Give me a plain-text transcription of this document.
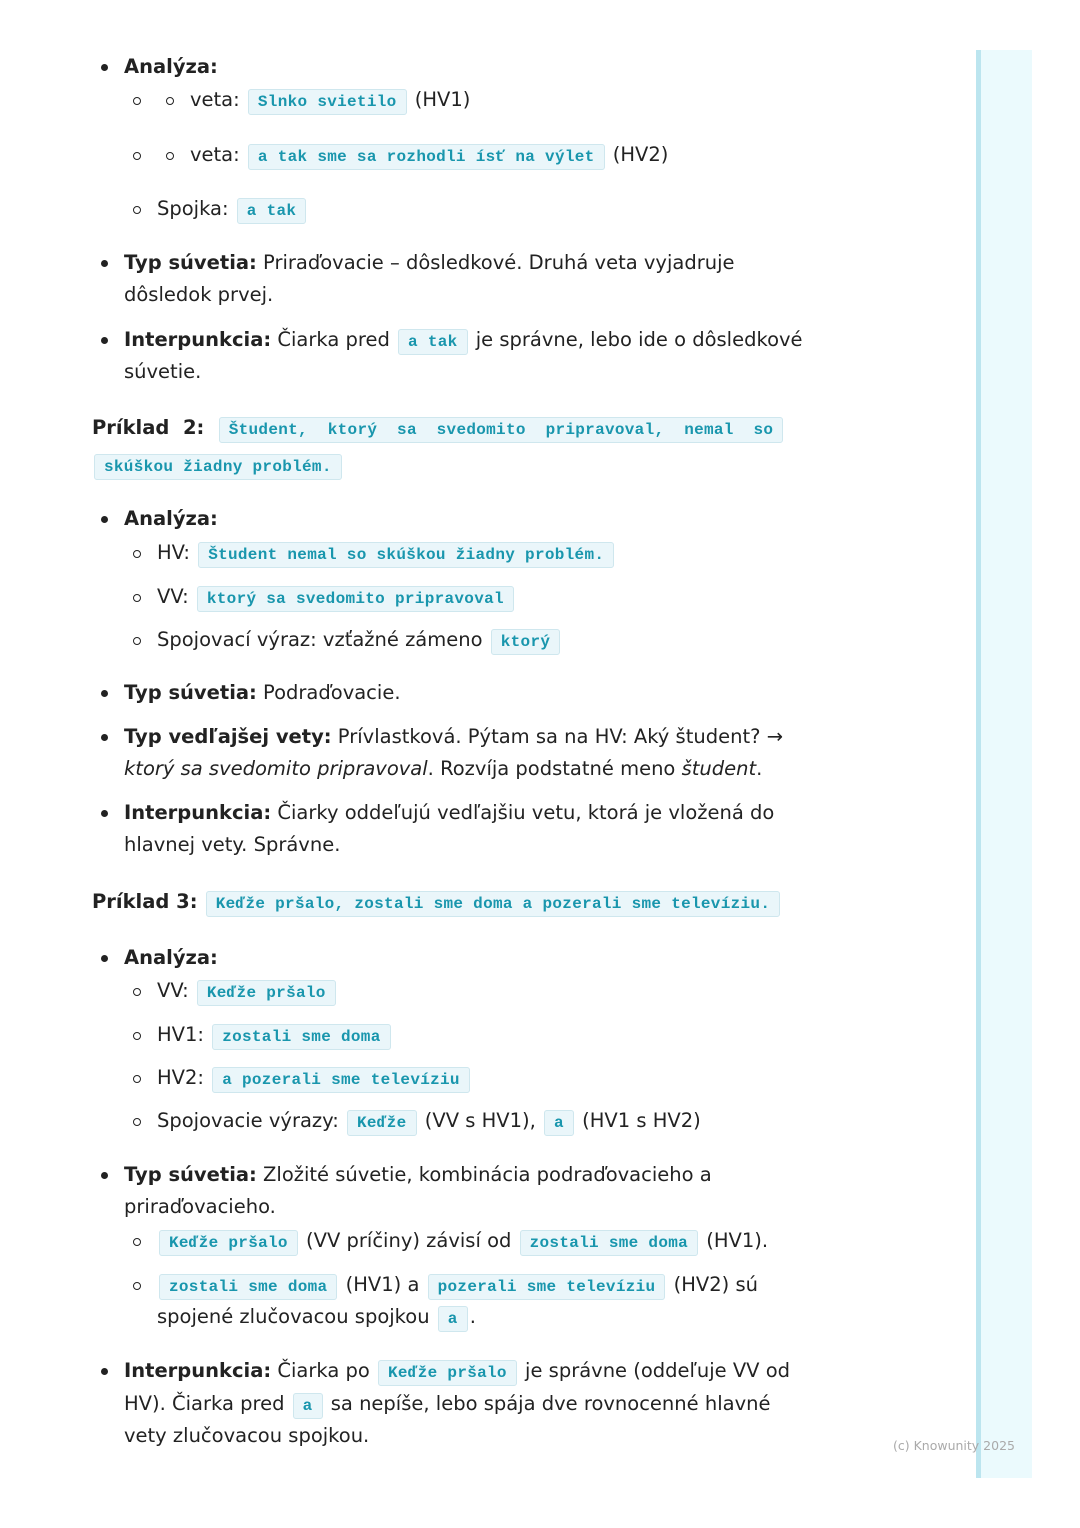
Analýza:
veta: Slnko svietilo (HV1)
veta: a tak sme sa rozhodli ísť na výlet (HV2)
Spojka: a tak
Typ súvetia: Priraďovacie – dôsledkové. Druhá veta vyjadruje
dôsledok prvej.
Interpunkcia: Čiarka pred a tak je správne, lebo ide o dôsledkové
súvetie.
Príklad  2: Študent,  ktorý  sa  svedomito  pripravoval,  nemal  so
skúškou žiadny problém.
Analýza:
HV: Študent nemal so skúškou žiadny problém.
VV: ktorý sa svedomito pripravoval
Spojovací výraz: vzťažné zámeno ktorý
Typ súvetia: Podraďovacie.
Typ vedľajšej vety: Prívlastková. Pýtam sa na HV: Aký študent? →
ktorý sa svedomito pripravoval. Rozvíja podstatné meno študent.
Interpunkcia: Čiarky oddeľujú vedľajšiu vetu, ktorá je vložená do
hlavnej vety. Správne.
Príklad 3: Keďže pršalo, zostali sme doma a pozerali sme televíziu.
Analýza:
VV: Keďže pršalo
HV1: zostali sme doma
HV2: a pozerali sme televíziu
Spojovacie výrazy: Keďže (VV s HV1), a (HV1 s HV2)
Typ súvetia: Zložité súvetie, kombinácia podraďovacieho a
priraďovacieho.
Keďže pršalo (VV príčiny) závisí od zostali sme doma (HV1).
zostali sme doma (HV1) a pozerali sme televíziu (HV2) sú
spojené zlučovacou spojkou a .
Interpunkcia: Čiarka po Keďže pršalo je správne (oddeľuje VV od
HV). Čiarka pred a sa nepíše, lebo spája dve rovnocenné hlavné
vety zlučovacou spojkou.	(c) Knowunity 2025
